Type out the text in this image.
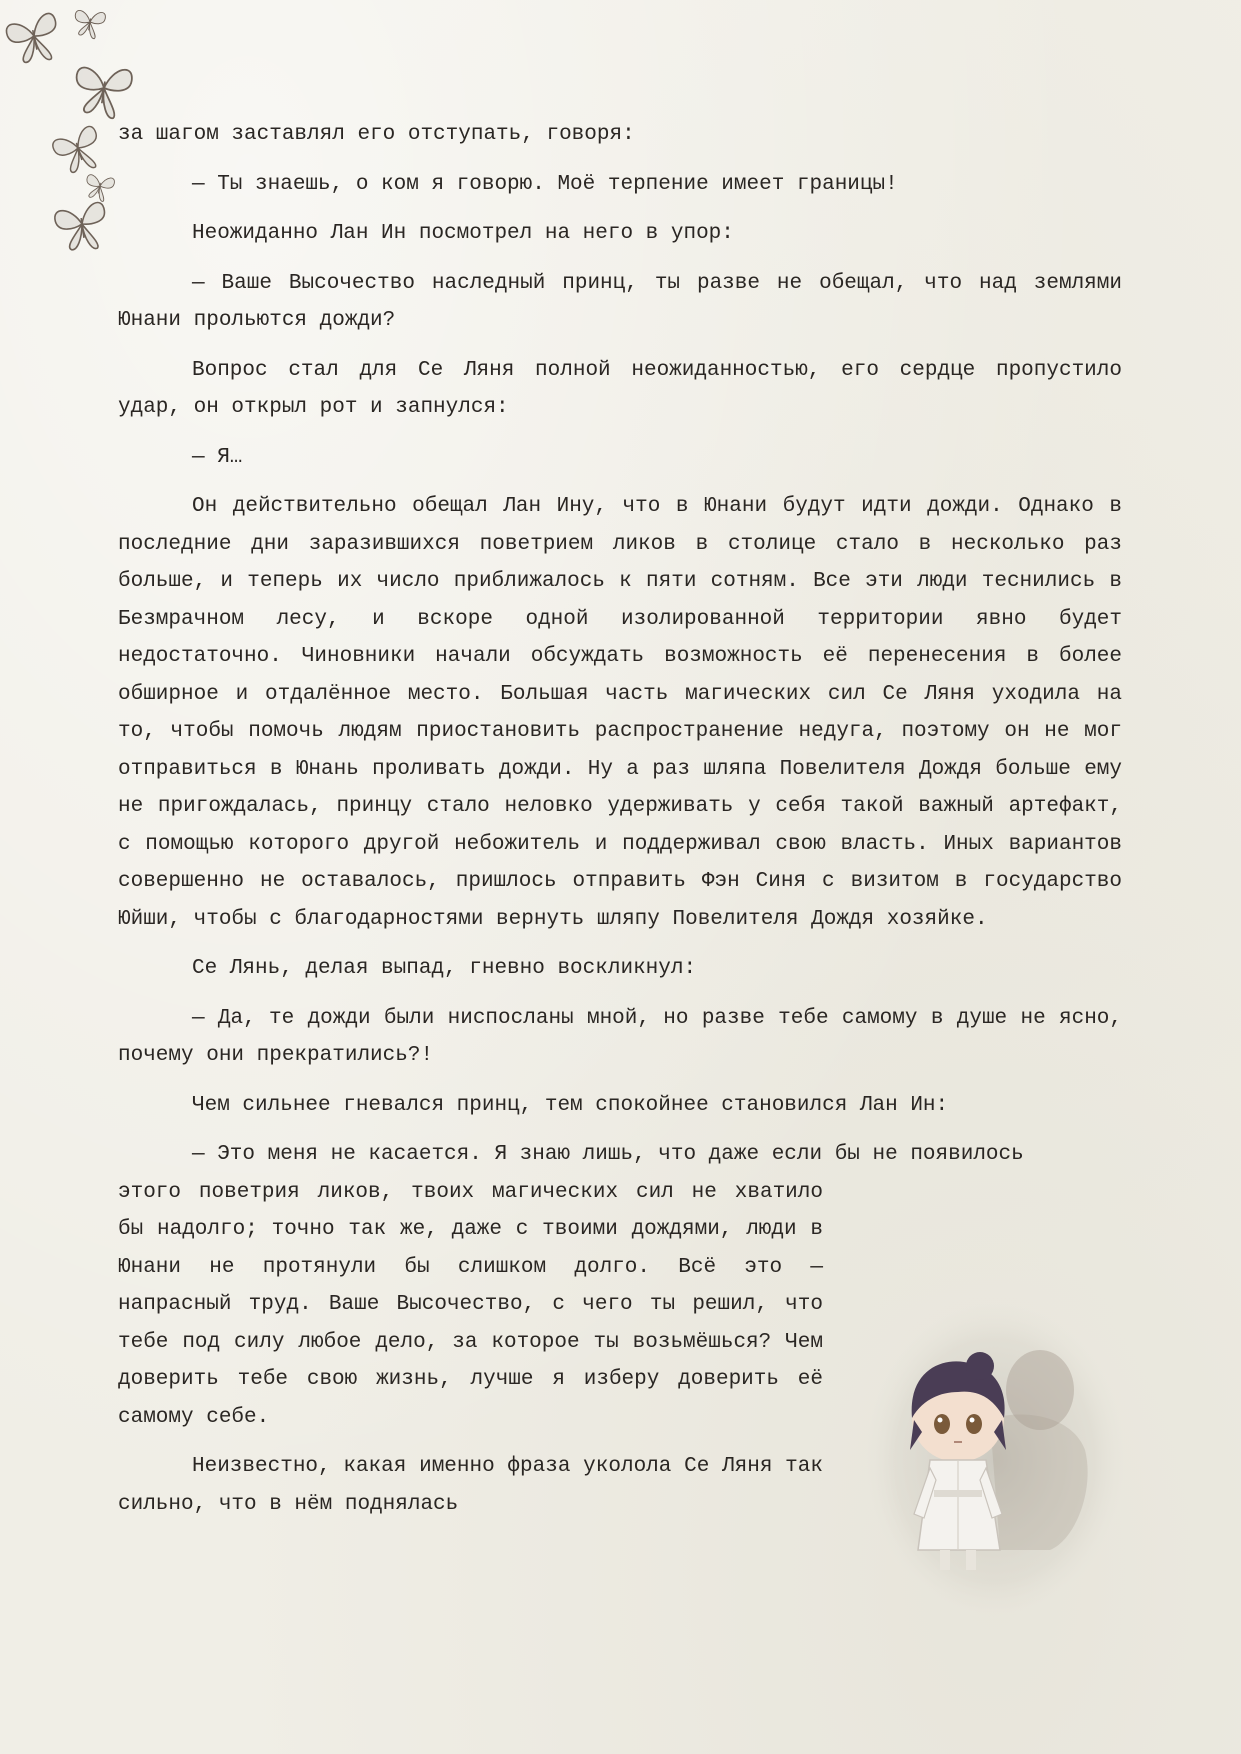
за шагом заставлял его отступать, говоря:

— Ты знаешь, о ком я говорю. Моё терпение имеет границы!

Неожиданно Лан Ин посмотрел на него в упор:

— Ваше Высочество наследный принц, ты разве не обещал, что над землями Юнани прольются дожди?

Вопрос стал для Се Ляня полной неожиданностью, его сердце пропустило удар, он открыл рот и запнулся:

— Я…

Он действительно обещал Лан Ину, что в Юнани будут идти дожди. Однако в последние дни заразившихся поветрием ликов в столице стало в несколько раз больше, и теперь их число приближалось к пяти сотням. Все эти люди теснились в Безмрачном лесу, и вскоре одной изолированной территории явно будет недостаточно. Чиновники начали обсуждать возможность её перенесения в более обширное и отдалённое место. Большая часть магических сил Се Ляня уходила на то, чтобы помочь людям приостановить распространение недуга, поэтому он не мог отправиться в Юнань проливать дожди. Ну а раз шляпа Повелителя Дождя больше ему не пригождалась, принцу стало неловко удерживать у себя такой важный артефакт, с помощью которого другой небожитель и поддерживал свою власть. Иных вариантов совершенно не оставалось, пришлось отправить Фэн Синя с визитом в государство Юйши, чтобы с благодарностями вернуть шляпу Повелителя Дождя хозяйке.

Се Лянь, делая выпад, гневно воскликнул:

— Да, те дожди были ниспосланы мной, но разве тебе самому в душе не ясно, почему они прекратились?!

Чем сильнее гневался принц, тем спокойнее становился Лан Ин:

— Это меня не касается. Я знаю лишь, что даже если бы не появилось

этого поветрия ликов, твоих магических сил не хватило бы надолго; точно так же, даже с твоими дождями, люди в Юнани не протянули бы слишком долго. Всё это — напрасный труд. Ваше Высочество, с чего ты решил, что тебе под силу любое дело, за которое ты возьмёшься? Чем доверить тебе свою жизнь, лучше я изберу доверить её самому себе.

Неизвестно, какая именно фраза уколола Се Ляня так сильно, что в нём поднялась
